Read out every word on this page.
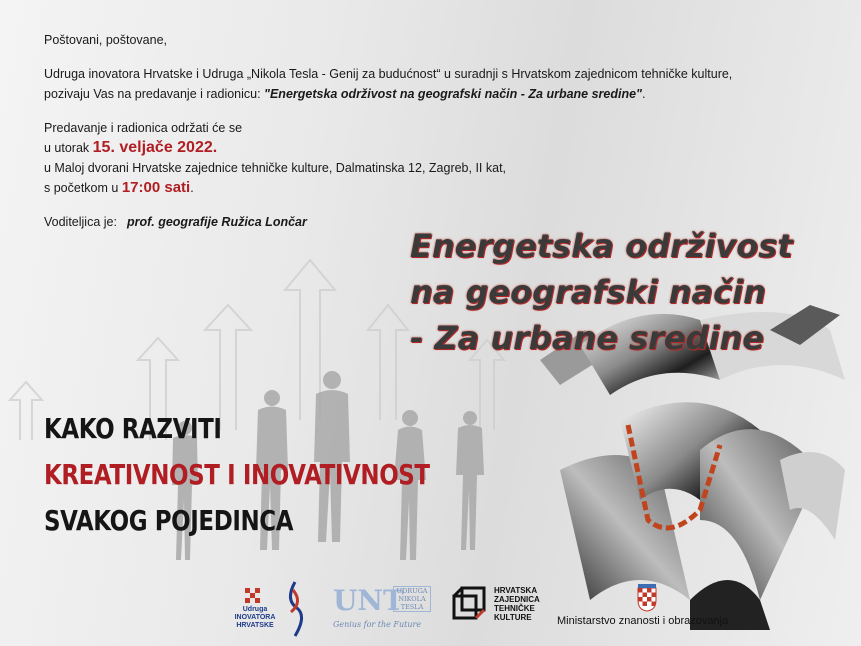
Poštovani, poštovane,

Udruga inovatora Hrvatske i Udruga „Nikola Tesla - Genij za budućnost“ u suradnji s Hrvatskom zajednicom tehničke kulture,

pozivaju Vas na predavanje i radionicu: "Energetska održivost na geografski način - Za urbane sredine".

Predavanje i radionica održati će se

u utorak 15. veljače 2022.

u Maloj dvorani Hrvatske zajednice tehničke kulture, Dalmatinska 12, Zagreb, II kat,

s početkom u 17:00 sati.

Voditeljica je: prof. geografije Ružica Lončar

Energetska održivost
na geografski način
- Za urbane sredine
KAKO RAZVITI
KREATIVNOST I INOVATIVNOST
SVAKOG POJEDINCA
Udruga
INOVATORA
HRVATSKE
UNT
UDRUGA
NIKOLA
TESLA
Genius for the Future
HRVATSKA
ZAJEDNICA
TEHNIČKE
KULTURE	Ministarstvo znanosti i obrazovanja
